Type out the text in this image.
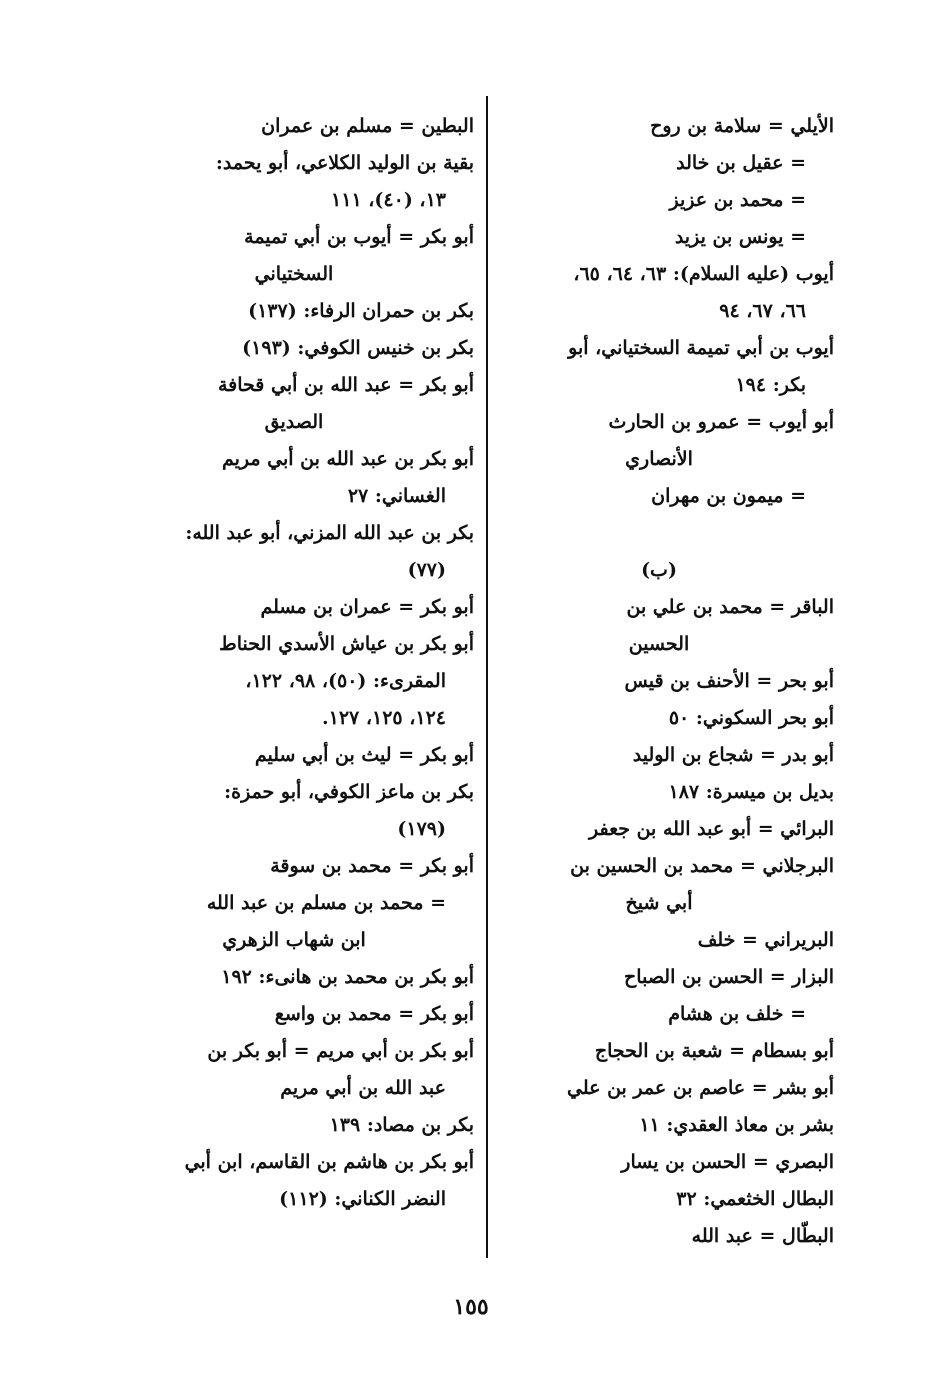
الأيلي = سلامة بن روح
= عقيل بن خالد
= محمد بن عزيز
= يونس بن يزيد
أيوب (عليه السلام): ٦٣، ٦٤، ٦٥،
٦٦، ٦٧، ٩٤
أيوب بن أبي تميمة السختياني، أبو
بكر: ١٩٤
أبو أيوب = عمرو بن الحارث
الأنصاري
= ميمون بن مهران
(ب)
الباقر = محمد بن علي بن
الحسين
أبو بحر = الأحنف بن قيس
أبو بحر السكوني: ٥٠
أبو بدر = شجاع بن الوليد
بديل بن ميسرة: ١٨٧
البرائي = أبو عبد الله بن جعفر
البرجلاني = محمد بن الحسين بن
أبي شيخ
البريراني = خلف
البزار = الحسن بن الصباح
= خلف بن هشام
أبو بسطام = شعبة بن الحجاج
أبو بشر = عاصم بن عمر بن علي
بشر بن معاذ العقدي: ١١
البصري = الحسن بن يسار
البطال الخثعمي: ٣٢
البطّال = عبد الله
البطين = مسلم بن عمران
بقية بن الوليد الكلاعي، أبو يحمد:
١٣، (٤٠)، ١١١
أبو بكر = أيوب بن أبي تميمة
السختياني
بكر بن حمران الرفاء: (١٣٧)
بكر بن خنيس الكوفي: (١٩٣)
أبو بكر = عبد الله بن أبي قحافة
الصديق
أبو بكر بن عبد الله بن أبي مريم
الغساني: ٢٧
بكر بن عبد الله المزني، أبو عبد الله:
(٧٧)
أبو بكر = عمران بن مسلم
أبو بكر بن عياش الأسدي الحناط
المقرىء: (٥٠)، ٩٨، ١٢٢،
١٢٤، ١٢٥، ١٢٧.
أبو بكر = ليث بن أبي سليم
بكر بن ماعز الكوفي، أبو حمزة:
(١٧٩)
أبو بكر = محمد بن سوقة
= محمد بن مسلم بن عبد الله
ابن شهاب الزهري
أبو بكر بن محمد بن هانىء: ١٩٢
أبو بكر = محمد بن واسع
أبو بكر بن أبي مريم = أبو بكر بن
عبد الله بن أبي مريم
بكر بن مصاد: ١٣٩
أبو بكر بن هاشم بن القاسم، ابن أبي
النضر الكناني: (١١٢)
١٥٥
